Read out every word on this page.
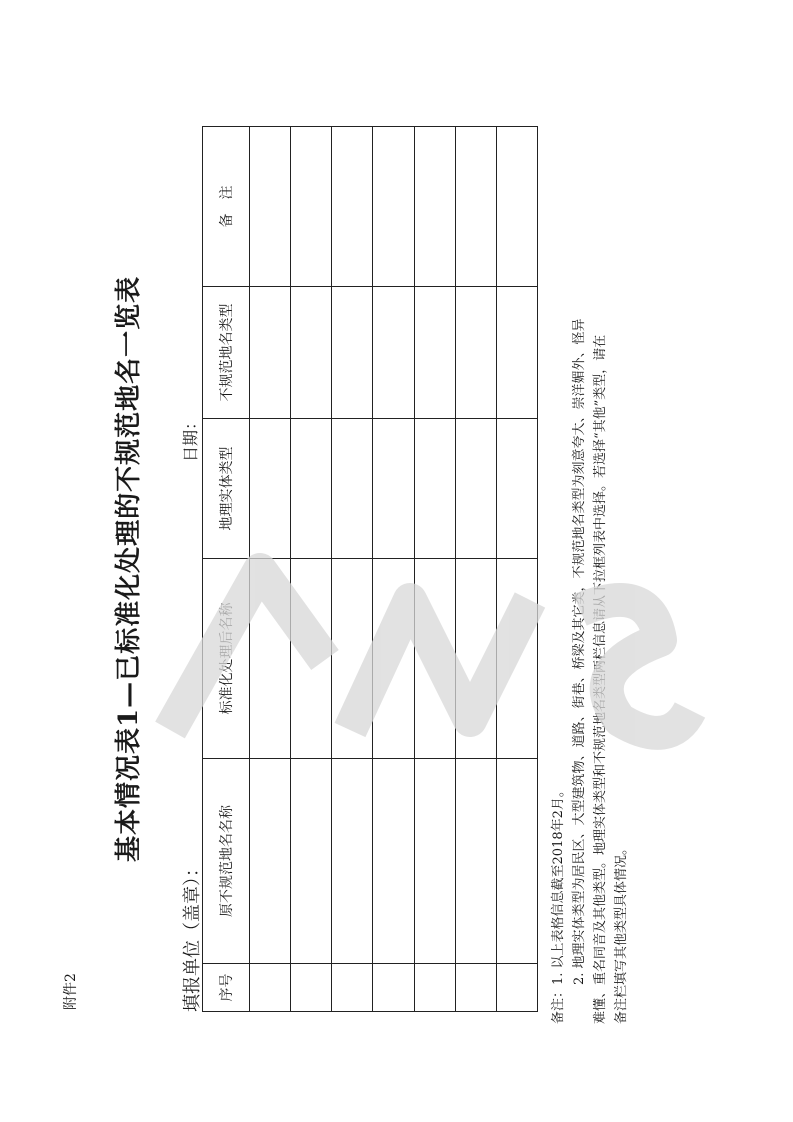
附件2
基本情况表1—已标准化处理的不规范地名一览表
填报单位（盖章）：
日期：
序号	原不规范地名名称	标准化处理后名称	地理实体类型	不规范地名类型	备　注

备注：1. 以上表格信息截至2018年2月。 　　　2. 地理实体类型为居民区、大型建筑物、道路、街巷、桥梁及其它类，不规范地名类型为刻意夸大、崇洋媚外、怪异 难懂、重名同音及其他类型。地理实体类型和不规范地名类型两栏信息请从下拉框列表中选择。若选择“其他”类型，请在 备注栏填写其他类型具体情况。
